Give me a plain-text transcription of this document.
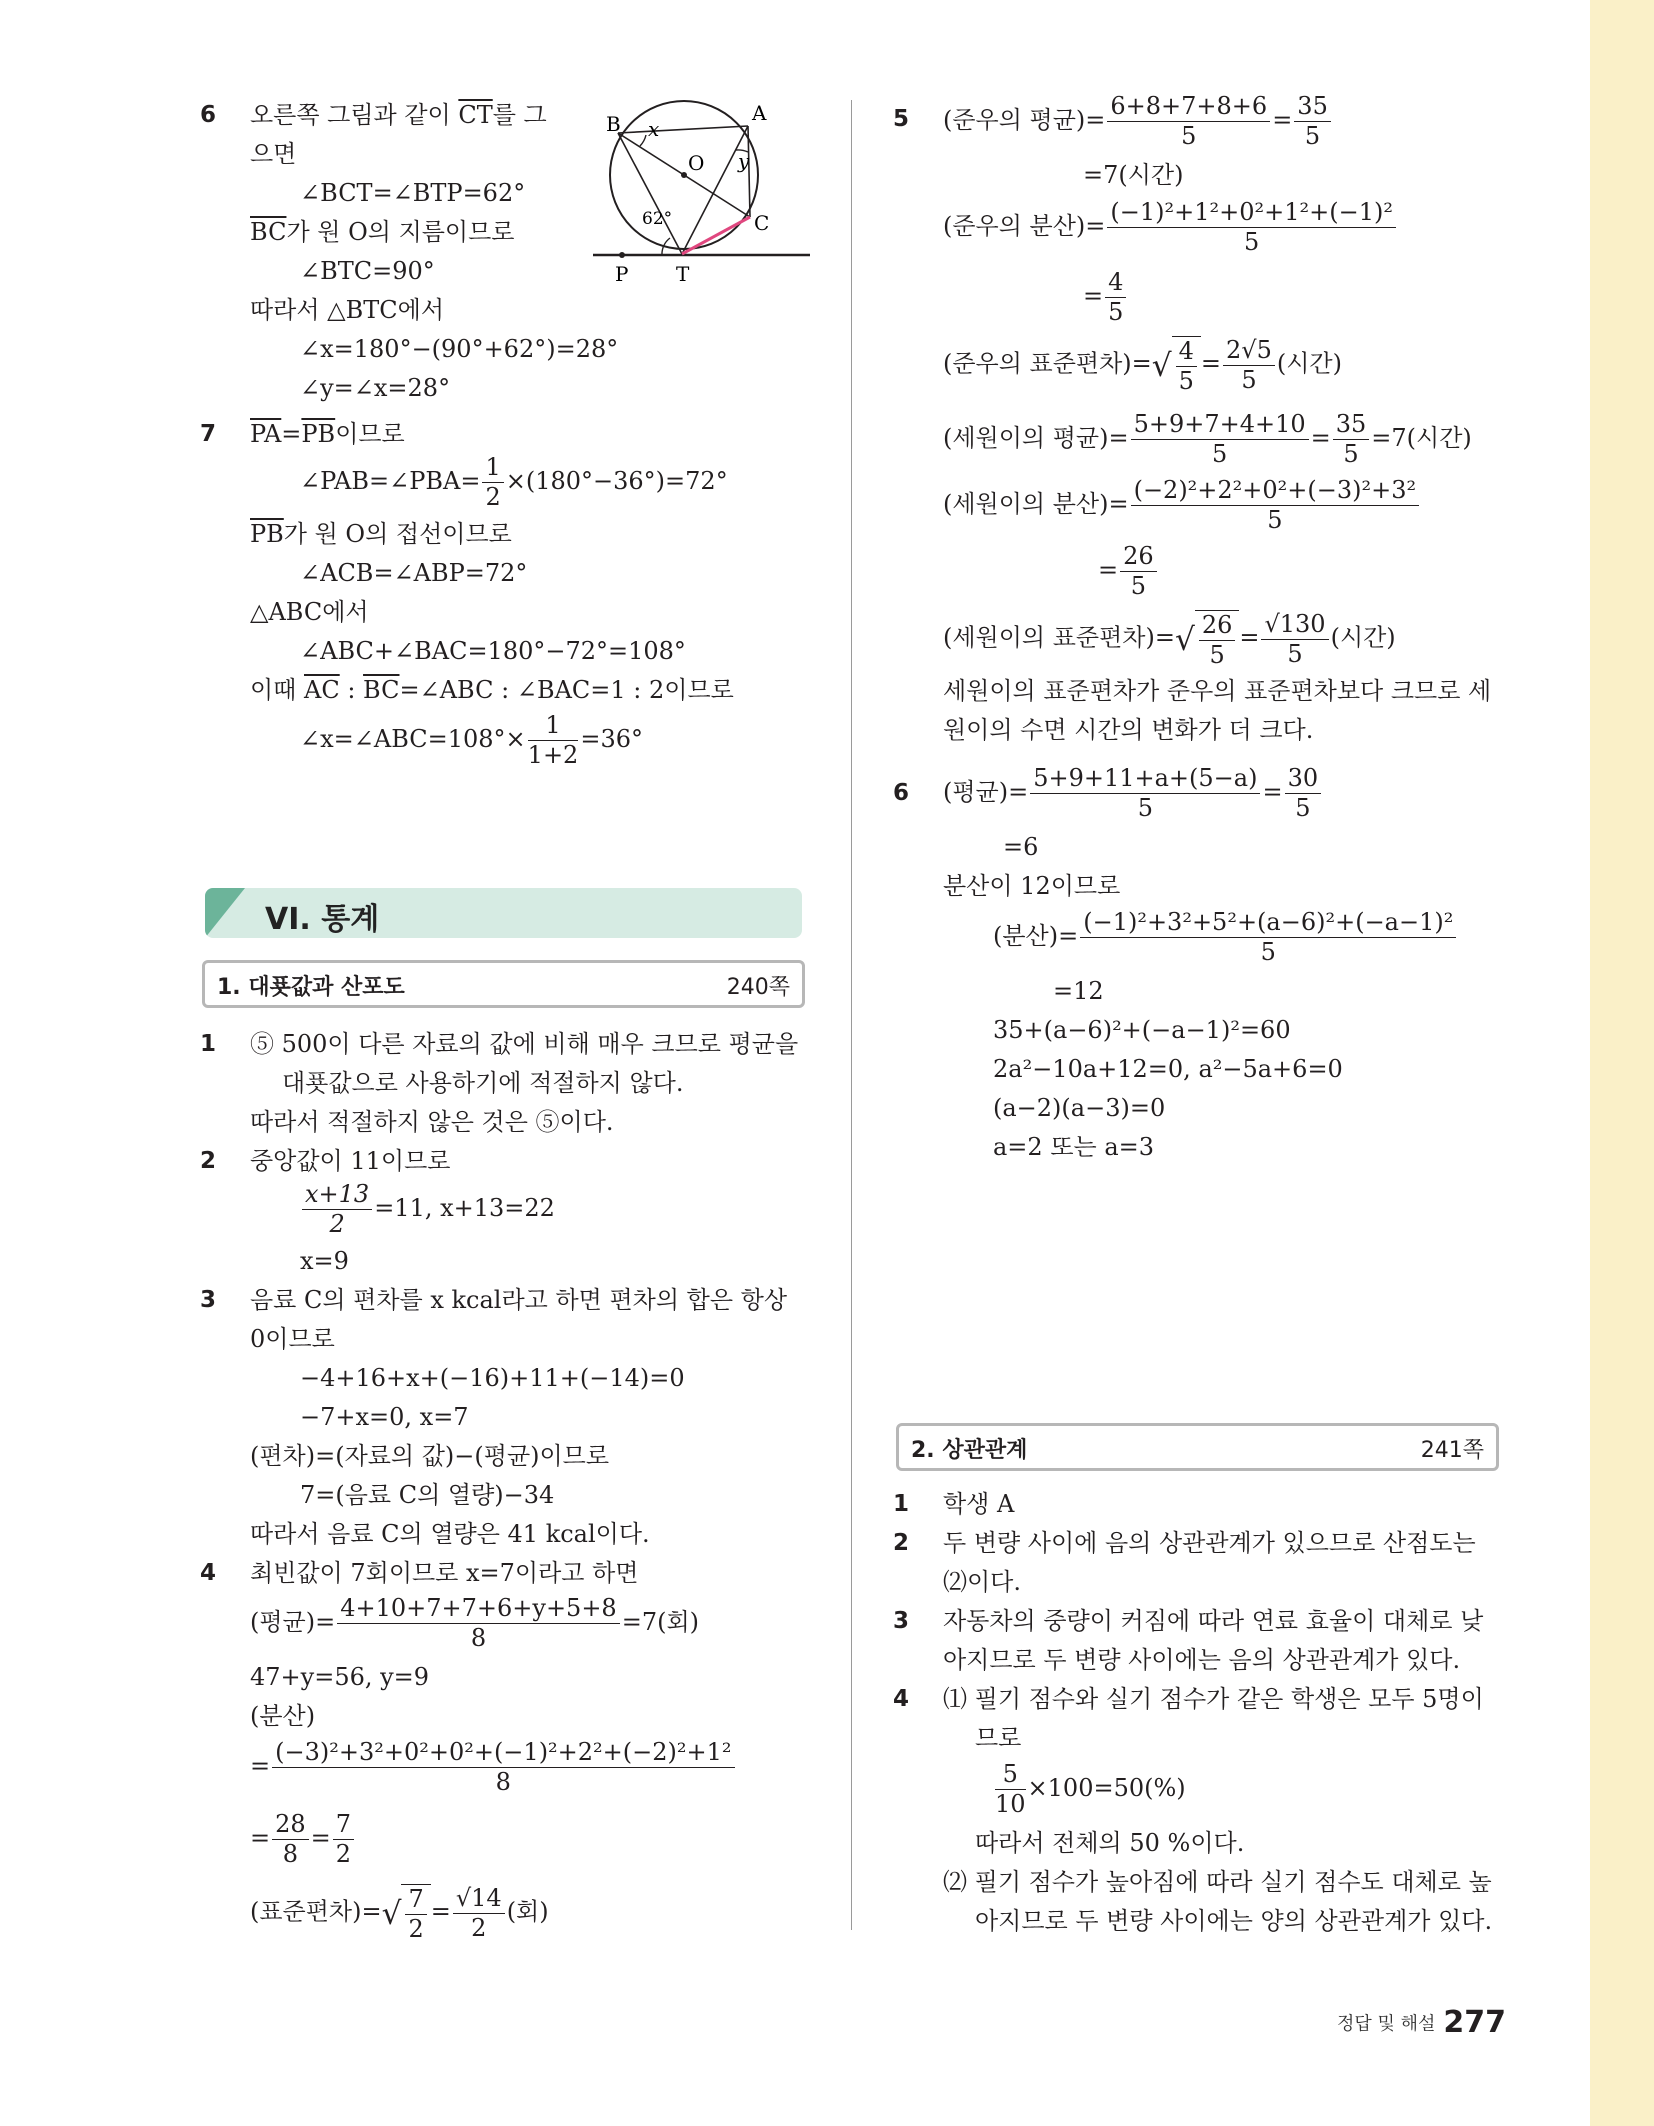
6 오른쪽 그림과 같이 $\overline{CT}$를 그
으면
∠BCT=∠BTP=62°
$\overline{BC}$가 원 O의 지름이므로
∠BTC=90°
따라서 △BTC에서
∠x=180°−(90°+62°)=28°
∠y=∠x=28°
B	A
C
O
P T
x
y
62°
7 $\overline{PA}=\overline{PB}$이므로
∠PAB=∠PBA= $\frac{1}{2} \times(180^\circ-36^\circ)=72^\circ$
$\overline{PB}$가 원 O의 접선이므로
∠ACB=∠ABP=72°
△ABC에서
∠ABC+∠BAC=180°−72°=108°
이때 $\overline{AC}$ : $\overline{BC}=\angle ABC$ : ∠BAC=1 : 2이므로
∠x=∠ABC=108°× $\frac{1}{1+2} =36^\circ$
VI. 통계
1. 대푯값과 산포도	240쪽
1 ⑤ 500이 다른 자료의 값에 비해 매우 크므로 평균을
대푯값으로 사용하기에 적절하지 않다.
따라서 적절하지 않은 것은 ⑤이다.
2 중앙값이 11이므로
$\frac{x+13}{2} =11$, x+13=22
x=9
3 음료 C의 편차를 x kcal라고 하면 편차의 합은 항상
0이므로
−4+16+x+(−16)+11+(−14)=0
−7+x=0, x=7
(편차)=(자료의 값)−(평균)이므로
7=(음료 C의 열량)−34
따라서 음료 C의 열량은 41 kcal이다.
4 최빈값이 7회이므로 x=7이라고 하면
(평균)= $\frac{4+10+7+7+6+y+5+8}{8} =7$(회)
47+y=56, y=9
(분산)
= $\frac{\text{(−3)²+3²+0²+0²+(−1)²+2²+(−2)²+1²}}{8}$
= $\frac{28}{8} = \frac{7}{2}$
(표준편차)=√ $\frac{7}{2} = \frac{√14}{2}$ (회)
5 (준우의 평균)= $\frac{6+8+7+8+6}{5} = \frac{35}{5}$
=7(시간)
(준우의 분산)= $\frac{\text{(−1)²+1²+0²+1²+(−1)²}}{5}$
= $\frac{4}{5}$
(준우의 표준편차)=√ $\frac{4}{5} = \frac{2√5}{5}$ (시간)
(세원이의 평균)= $\frac{5+9+7+4+10}{5} = \frac{35}{5} =7$(시간)
(세원이의 분산)= $\frac{\text{(−2)²+2²+0²+(−3)²+3²}}{5}$
= $\frac{26}{5}$
(세원이의 표준편차)=√ $\frac{26}{5} = \frac{√130}{5}$ (시간)
세원이의 표준편차가 준우의 표준편차보다 크므로 세
원이의 수면 시간의 변화가 더 크다.
6 (평균)= $\frac{5+9+11+a+(5-a)}{5} = \frac{30}{5}$
=6
분산이 12이므로
(분산)= $\frac{\text{(−1)²+3²+5²+(a−6)²+(−a−1)²}}{5}$
=12
35+(a−6)²+(−a−1)²=60
2a²−10a+12=0, a²−5a+6=0
(a−2)(a−3)=0
a=2 또는 a=3
2. 상관관계	241쪽
1 학생 A
2 두 변량 사이에 음의 상관관계가 있으므로 산점도는
⑵이다.
3 자동차의 중량이 커짐에 따라 연료 효율이 대체로 낮
아지므로 두 변량 사이에는 음의 상관관계가 있다.
4 ⑴ 필기 점수와 실기 점수가 같은 학생은 모두 5명이
므로
$\frac{5}{10} \times 100=50(\%)$
따라서 전체의 50 %이다.
⑵ 필기 점수가 높아짐에 따라 실기 점수도 대체로 높
아지므로 두 변량 사이에는 양의 상관관계가 있다.
정답 및 해설 277
